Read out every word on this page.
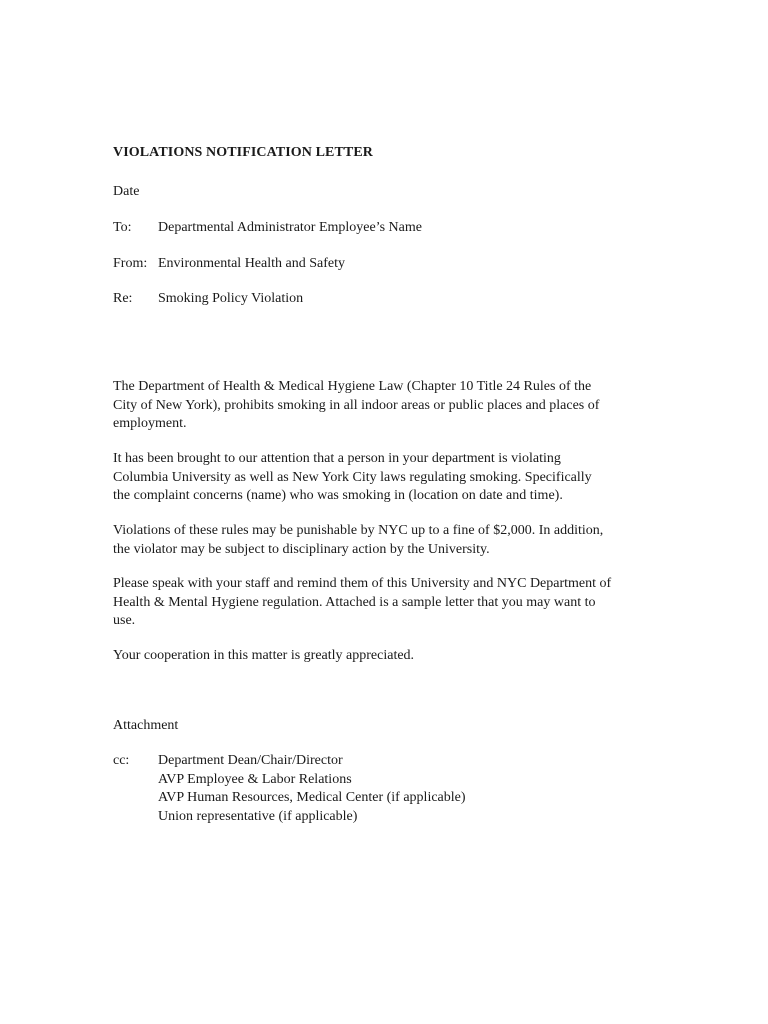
VIOLATIONS NOTIFICATION LETTER
Date
To: Departmental Administrator Employee’s Name
From: Environmental Health and Safety
Re: Smoking Policy Violation
The Department of Health & Medical Hygiene Law (Chapter 10 Title 24 Rules of the
City of New York), prohibits smoking in all indoor areas or public places and places of
employment.
It has been brought to our attention that a person in your department is violating
Columbia University as well as New York City laws regulating smoking. Specifically
the complaint concerns (name) who was smoking in (location on date and time).
Violations of these rules may be punishable by NYC up to a fine of $2,000. In addition,
the violator may be subject to disciplinary action by the University.
Please speak with your staff and remind them of this University and NYC Department of
Health & Mental Hygiene regulation. Attached is a sample letter that you may want to
use.
Your cooperation in this matter is greatly appreciated.
Attachment
cc: Department Dean/Chair/Director
AVP Employee & Labor Relations
AVP Human Resources, Medical Center (if applicable)
Union representative (if applicable)
